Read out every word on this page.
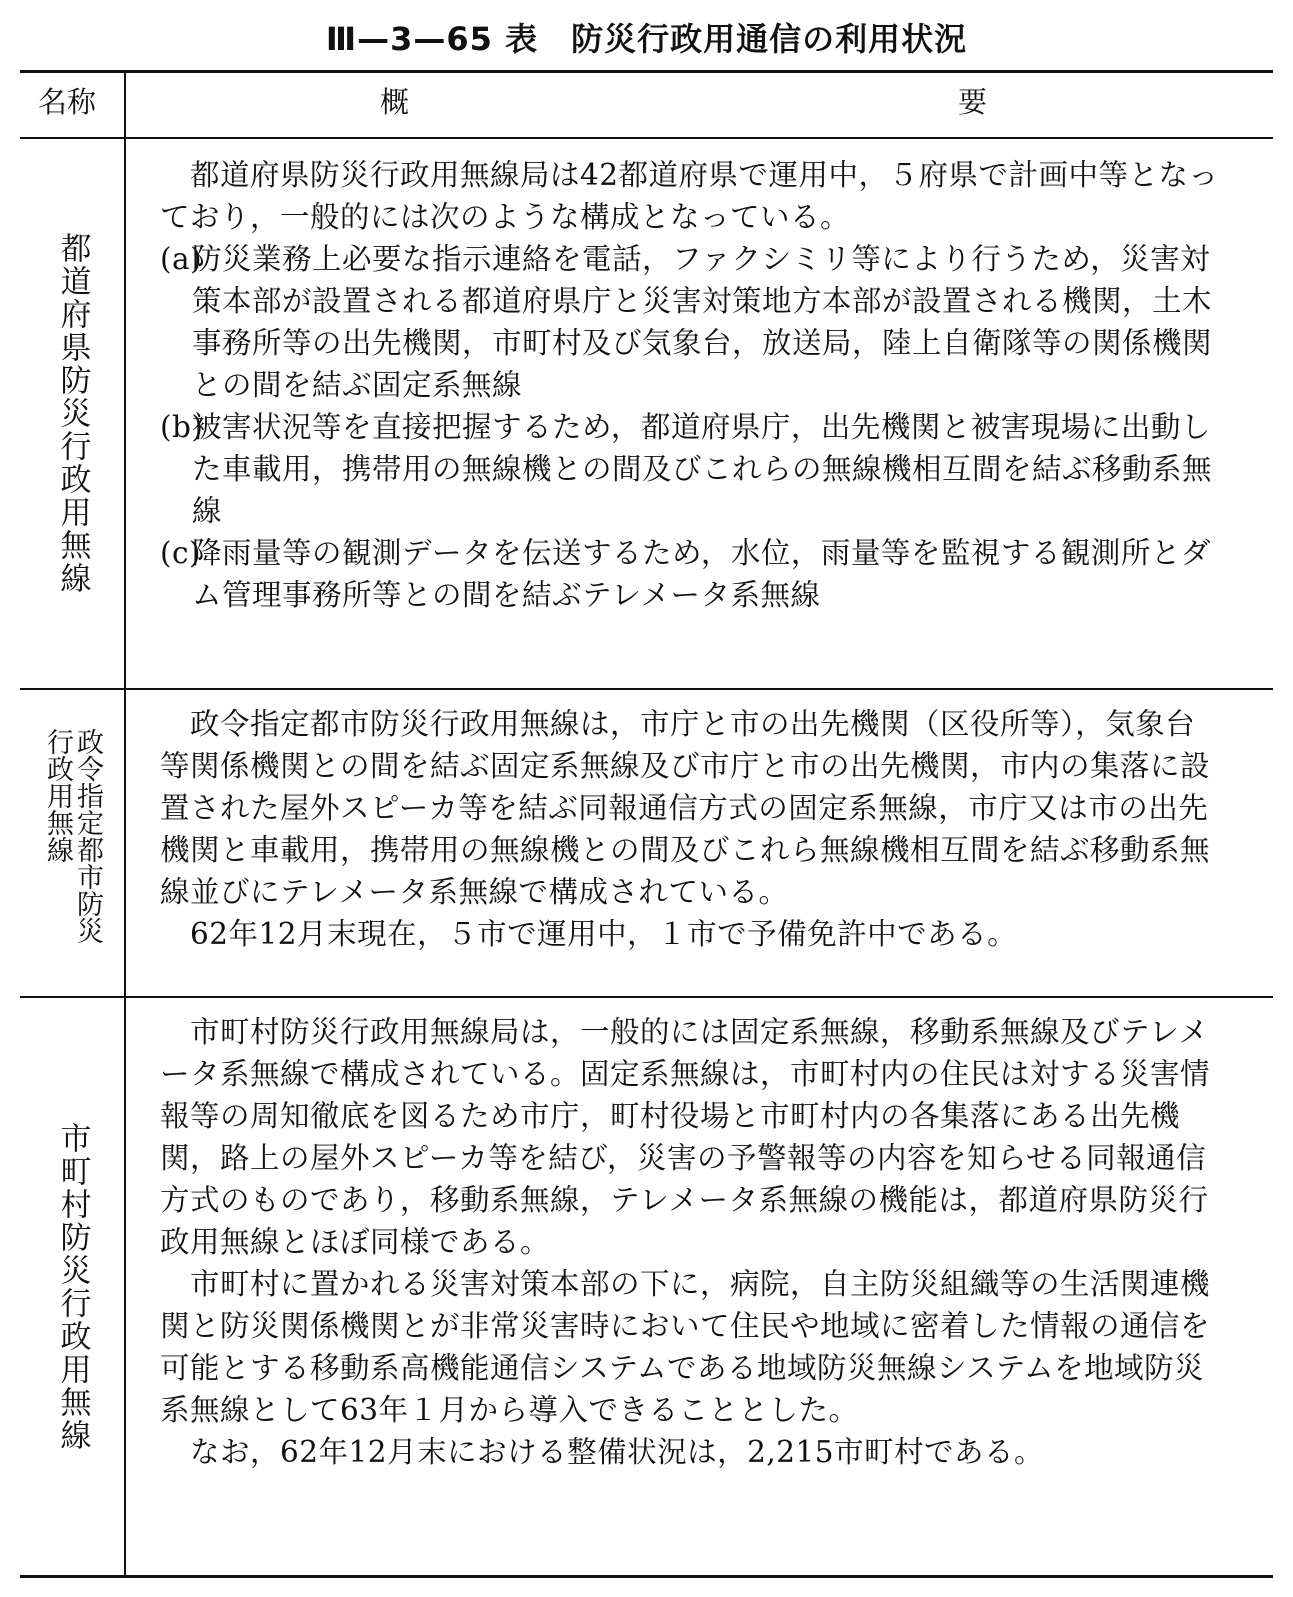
Ⅲ—3—65 表　防災行政用通信の利用状況
名称	概	要
都道府県防災行政用無線

都道府県防災行政用無線局は42都道府県で運用中，５府県で計画中等となっており，一般的には次のような構成となっている。

(a)防災業務上必要な指示連絡を電話，ファクシミリ等により行うため，災害対策本部が設置される都道府県庁と災害対策地方本部が設置される機関，土木事務所等の出先機関，市町村及び気象台，放送局，陸上自衛隊等の関係機関との間を結ぶ固定系無線

(b)被害状況等を直接把握するため，都道府県庁，出先機関と被害現場に出動した車載用，携帯用の無線機との間及びこれらの無線機相互間を結ぶ移動系無線

(c)降雨量等の観測データを伝送するため，水位，雨量等を監視する観測所とダム管理事務所等との間を結ぶテレメータ系無線

政令指定都市防災行政用無線

政令指定都市防災行政用無線は，市庁と市の出先機関（区役所等），気象台等関係機関との間を結ぶ固定系無線及び市庁と市の出先機関，市内の集落に設置された屋外スピーカ等を結ぶ同報通信方式の固定系無線，市庁又は市の出先機関と車載用，携帯用の無線機との間及びこれら無線機相互間を結ぶ移動系無線並びにテレメータ系無線で構成されている。

62年12月末現在，５市で運用中，１市で予備免許中である。

市町村防災行政用無線

市町村防災行政用無線局は，一般的には固定系無線，移動系無線及びテレメータ系無線で構成されている。固定系無線は，市町村内の住民は対する災害情報等の周知徹底を図るため市庁，町村役場と市町村内の各集落にある出先機関，路上の屋外スピーカ等を結び，災害の予警報等の内容を知らせる同報通信方式のものであり，移動系無線，テレメータ系無線の機能は，都道府県防災行政用無線とほぼ同様である。

市町村に置かれる災害対策本部の下に，病院，自主防災組織等の生活関連機関と防災関係機関とが非常災害時において住民や地域に密着した情報の通信を可能とする移動系高機能通信システムである地域防災無線システムを地域防災系無線として63年１月から導入できることとした。

なお，62年12月末における整備状況は，2,215市町村である。
